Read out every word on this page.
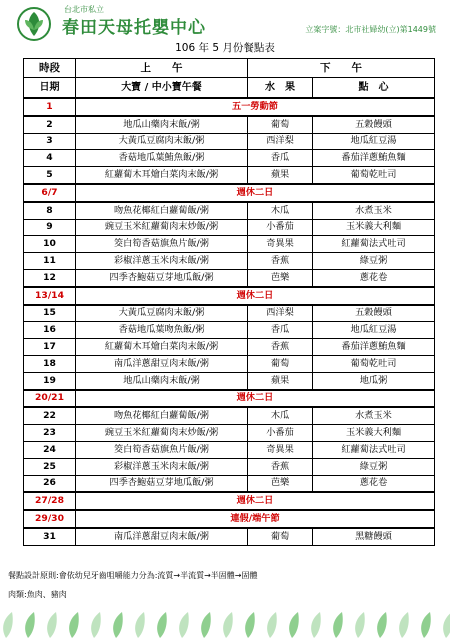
台北市私立
春田天母托嬰中心	立案字號：北市社婦幼(立)第1449號
106 年 5 月份餐點表
時段	上　　午	下　　午	
日期	大寶 / 中小寶午餐	水　果	點　心
1	五一勞動節		
2	地瓜山藥肉末飯/粥	葡萄	五穀饅頭
3	大黃瓜豆腐肉末飯/粥	西洋梨	地瓜紅豆湯
4	香菇地瓜葉鮪魚飯/粥	香瓜	番茄洋蔥鮪魚麵
5	紅蘿蔔木耳燴白菜肉末飯/粥	蘋果	葡萄乾吐司
6/7	週休二日		
8	吻魚花椰紅白蘿蔔飯/粥	木瓜	水煮玉米
9	豌豆玉米紅蘿蔔肉末炒飯/粥	小番茄	玉米義大利麵
10	筊白筍香菇旗魚片飯/粥	奇異果	紅蘿蔔法式吐司
11	彩椒洋蔥玉米肉末飯/粥	香蕉	綠豆粥
12	四季杏鮑菇豆芽地瓜飯/粥	芭樂	蔥花卷
13/14	週休二日		
15	大黃瓜豆腐肉末飯/粥	西洋梨	五穀饅頭
16	香菇地瓜葉吻魚飯/粥	香瓜	地瓜紅豆湯
17	紅蘿蔔木耳燴白菜肉末飯/粥	香蕉	番茄洋蔥鮪魚麵
18	南瓜洋蔥甜豆肉末飯/粥	葡萄	葡萄乾吐司
19	地瓜山藥肉末飯/粥	蘋果	地瓜粥
20/21	週休二日		
22	吻魚花椰紅白蘿蔔飯/粥	木瓜	水煮玉米
23	豌豆玉米紅蘿蔔肉末炒飯/粥	小番茄	玉米義大利麵
24	筊白筍香菇旗魚片飯/粥	奇異果	紅蘿蔔法式吐司
25	彩椒洋蔥玉米肉末飯/粥	香蕉	綠豆粥
26	四季杏鮑菇豆芽地瓜飯/粥	芭樂	蔥花卷
27/28	週休二日		
29/30	連假/端午節		
31	南瓜洋蔥甜豆肉末飯/粥	葡萄	黑糖饅頭
餐點設計原則:會依幼兒牙齒咀嚼能力分為:流質→半流質→半固體→固體
肉類:魚肉、豬肉
